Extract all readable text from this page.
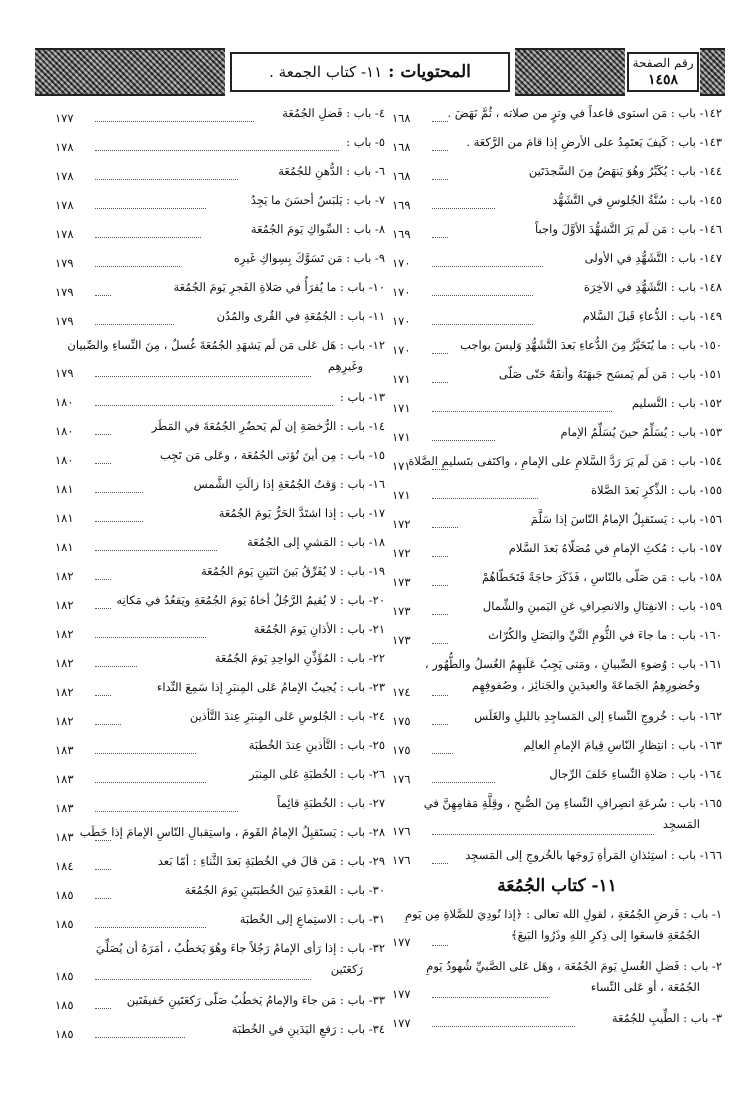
المحتويات :
١١- كتاب الجمعة .	رقم الصفحة
١٤٥٨
١٤٢- باب : مَن استوى قاعداً في وترٍ من صلاته ، ثُمَّ نَهَضَ .
١٦٨
١٤٣- باب : كَيفَ يَعتَمِدُ على الأرضِ إذا قامَ من الرَّكعَة .
١٦٨
١٤٤- باب : يُكَبِّرُ وهُوَ يَنهَضُ مِنَ السَّجدَتَين
١٦٨
١٤٥- باب : سُنَّةُ الجُلوسِ في التَّشَهُّد
١٦٩
١٤٦- باب : مَن لَم يَرَ التَّشهُّدَ الأوَّلَ واجباً
١٦٩
١٤٧- باب : التَّشَهُّدِ في الأولى
١٧٠
١٤٨- باب : التَّشَهُّدِ في الآخِرَة
١٧٠
١٤٩- باب : الدُّعاءِ قَبلَ السَّلام
١٧٠
١٥٠- باب : ما يُتَخَيَّرُ مِنَ الدُّعاءِ بَعدَ التَّشَهُّدِ وَليسَ بواجب
١٧٠
١٥١- باب : مَن لَم يَمسَح جَبهَتَهُ وأنفَهُ حَتّى صَلّى
١٧١
١٥٢- باب : التَّسليم
١٧١
١٥٣- باب : يُسَلِّمُ حينَ يُسَلِّمُ الإمام
١٧١
١٥٤- باب : مَن لَم يَرَ رَدَّ السَّلامِ على الإمامِ ، واكتَفى بتَسليمِ الصَّلاة
١٧١
١٥٥- باب : الذِّكرِ بَعدَ الصَّلاة
١٧١
١٥٦- باب : يَستَقبِلُ الإمامُ النّاسَ إذا سَلَّمَ
١٧٢
١٥٧- باب : مُكثِ الإمامِ في مُصَلّاهُ بَعدَ السَّلام
١٧٢
١٥٨- باب : مَن صَلّى بالنّاسِ ، فَذَكَرَ حاجَةً فَتَخَطّاهُمْ
١٧٣
١٥٩- باب : الانفِتالِ والانصِرافِ عَنِ اليَمينِ والشِّمال
١٧٣
١٦٠- باب : ما جاءَ في الثُّومِ النَّيِّ والبَصَلِ والكُرّاث
١٧٣
١٦١- باب : وُضوءِ الصِّبيانِ ، ومَتى يَجِبُ عَلَيهِمُ الغُسلُ والطُّهُور ،
وحُضورِهِمُ الجَماعَةَ والعيدَينِ والجَنائِز ، وصُفوفِهِم
١٧٤
١٦٢- باب : خُروجِ النِّساءِ إلى المَساجِدِ بالليلِ والغَلَس
١٧٥
١٦٣- باب : انتِظارِ النّاسِ قِيامَ الإمامِ العالِم
١٧٥
١٦٤- باب : صَلاةِ النِّساءِ خَلفَ الرِّجال
١٧٦
١٦٥- باب : سُرعَةِ انصِرافِ النِّساءِ مِنَ الصُّبحِ ، وقِلَّةِ مَقامِهِنَّ في
المَسجِد
١٧٦
١٦٦- باب : استِئذانِ المَرأةِ زَوجَها بالخُروجِ إلى المَسجِد
١٧٦
١١- كتاب الجُمُعَة
١- باب : فَرضِ الجُمُعَةِ ، لقولِ الله تعالى : ﴿إذا نُودِيَ للصَّلاةِ مِن يَومِ
الجُمُعَةِ فاسعَوا إلى ذِكرِ اللهِ وذَرُوا البَيعَ﴾
١٧٧
٢- باب : فَضلِ الغُسلِ يَومَ الجُمُعَة ، وهَل عَلى الصَّبيِّ شُهودُ يَومِ
الجُمُعَة ، أو عَلى النِّساء
١٧٧
٣- باب : الطِّيبِ للجُمُعَة
١٧٧
٤- باب : فَضلِ الجُمُعَة
١٧٧
٥- باب :
١٧٨
٦- باب : الدُّهنِ للجُمُعَة
١٧٨
٧- باب : يَلبَسُ أحسَنَ ما يَجِدُ
١٧٨
٨- باب : السِّواكِ يَومَ الجُمُعَة
١٧٨
٩- باب : مَن تَسَوَّكَ بِسِواكِ غَيرِه
١٧٩
١٠- باب : ما يُقرَأُ في صَلاةِ الفَجرِ يَومَ الجُمُعَة
١٧٩
١١- باب : الجُمُعَةِ في القُرى والمُدُن
١٧٩
١٢- باب : هَل عَلى مَن لَم يَشهَدِ الجُمُعَةَ غُسلٌ ، مِنَ النِّساءِ والصِّبيان
وغَيرِهِم
١٧٩
١٣- باب :
١٨٠
١٤- باب : الرُّخصَةِ إن لَم يَحضُرِ الجُمُعَةَ في المَطَر
١٨٠
١٥- باب : مِن أينَ تُؤتى الجُمُعَة ، وعَلى مَن تَجِب
١٨٠
١٦- باب : وَقتُ الجُمُعَةِ إذا زالَتِ الشَّمس
١٨١
١٧- باب : إذا اشتَدَّ الحَرُّ يَومَ الجُمُعَة
١٨١
١٨- باب : المَشيِ إلى الجُمُعَة
١٨١
١٩- باب : لا يُفَرِّقُ بَينَ اثنَينِ يَومَ الجُمُعَة
١٨٢
٢٠- باب : لا يُقيمُ الرَّجُلُ أخاهُ يَومَ الجُمُعَةِ ويَقعُدُ في مَكانِه
١٨٢
٢١- باب : الأذانِ يَومَ الجُمُعَة
١٨٢
٢٢- باب : المُؤَذِّنِ الواحِدِ يَومَ الجُمُعَة
١٨٢
٢٣- باب : يُجيبُ الإمامُ عَلى المِنبَرِ إذا سَمِعَ النِّداء
١٨٢
٢٤- باب : الجُلوسِ عَلى المِنبَرِ عِندَ التَّأذين
١٨٢
٢٥- باب : التَّأذينِ عِندَ الخُطبَة
١٨٣
٢٦- باب : الخُطبَةِ عَلى المِنبَر
١٨٣
٢٧- باب : الخُطبَةِ قائِماً
١٨٣
٢٨- باب : يَستَقبِلُ الإمامُ القَومَ ، واستِقبالِ النّاسِ الإمامَ إذا خَطَب
١٨٣
٢٩- باب : مَن قالَ في الخُطبَةِ بَعدَ الثَّناءِ : أمّا بَعد
١٨٤
٣٠- باب : القَعدَةِ بَينَ الخُطبَتَينِ يَومَ الجُمُعَة
١٨٥
٣١- باب : الاستِماعِ إلى الخُطبَة
١٨٥
٣٢- باب : إذا رَأى الإمامُ رَجُلاً جاءَ وهُوَ يَخطُبُ ، أمَرَهُ أن يُصَلِّيَ
رَكعَتَين
١٨٥
٣٣- باب : مَن جاءَ والإمامُ يَخطُبُ صَلّى رَكعَتَينِ خَفيفَتَين
١٨٥
٣٤- باب : رَفعِ اليَدَينِ في الخُطبَة
١٨٥
